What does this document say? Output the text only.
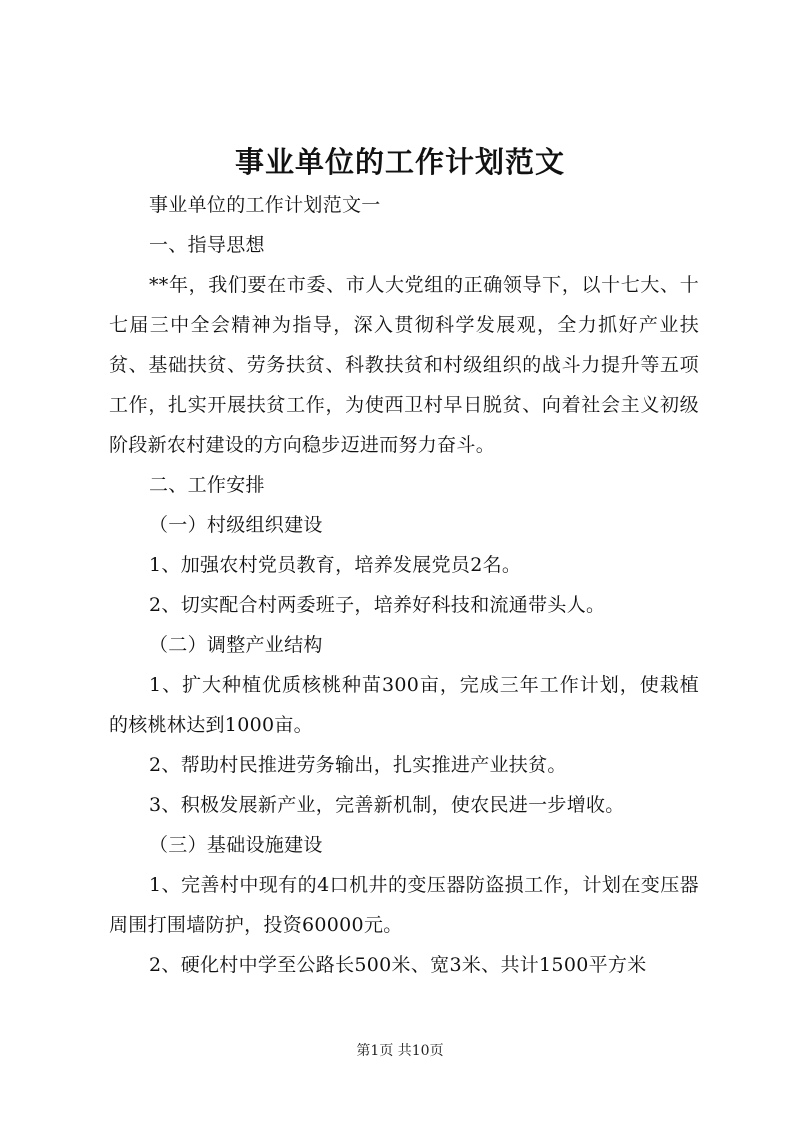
事业单位的工作计划范文

事业单位的工作计划范文一

一、指导思想

**年，我们要在市委、市人大党组的正确领导下，以十七大、十七届三中全会精神为指导，深入贯彻科学发展观，全力抓好产业扶贫、基础扶贫、劳务扶贫、科教扶贫和村级组织的战斗力提升等五项工作，扎实开展扶贫工作，为使西卫村早日脱贫、向着社会主义初级阶段新农村建设的方向稳步迈进而努力奋斗。

二、工作安排

（一）村级组织建设

1、加强农村党员教育，培养发展党员2名。

2、切实配合村两委班子，培养好科技和流通带头人。

（二）调整产业结构

1、扩大种植优质核桃种苗300亩，完成三年工作计划，使栽植的核桃林达到1000亩。

2、帮助村民推进劳务输出，扎实推进产业扶贫。

3、积极发展新产业，完善新机制，使农民进一步增收。

（三）基础设施建设

1、完善村中现有的4口机井的变压器防盗损工作，计划在变压器周围打围墙防护，投资60000元。

2、硬化村中学至公路长500米、宽3米、共计1500平方米

第1页 共10页
